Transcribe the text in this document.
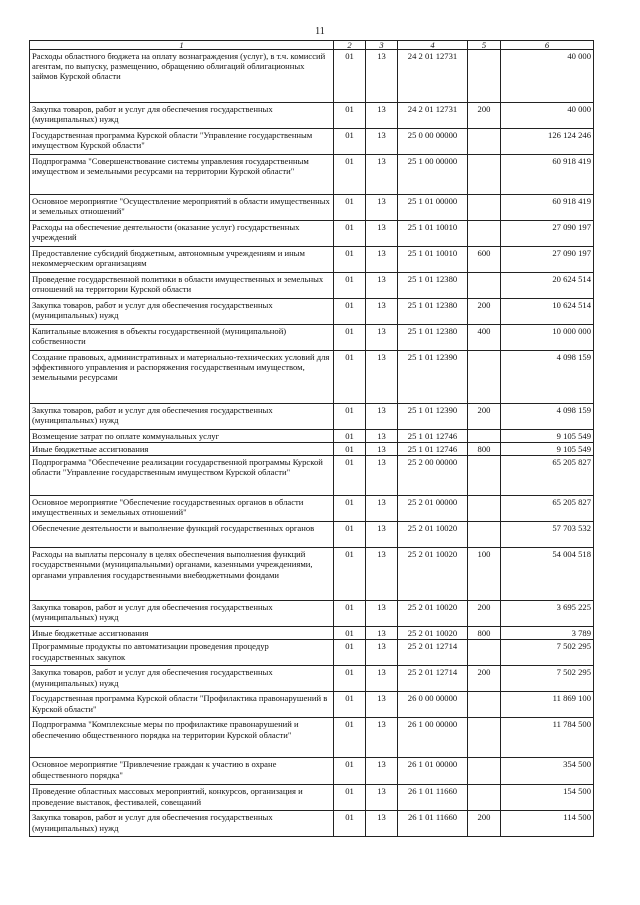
11
1	2	3	4	5	6
Расходы областного бюджета на оплату вознаграждения (услуг), в т.ч. комиссий агентам, по выпуску, размещению, обращению облигаций облигационных займов Курской области	01	13	24 2 01 12731		40 000
Закупка товаров, работ и услуг для обеспечения государственных (муниципальных) нужд	01	13	24 2 01 12731	200	40 000
Государственная программа Курской области "Управление государственным имуществом Курской области"	01	13	25 0 00 00000		126 124 246
Подпрограмма "Совершенствование системы управления государственным имуществом и земельными ресурсами на территории Курской области"	01	13	25 1 00 00000		60 918 419
Основное мероприятие "Осуществление мероприятий в области имущественных и земельных отношений"	01	13	25 1 01 00000		60 918 419
Расходы на обеспечение деятельности (оказание услуг) государственных учреждений	01	13	25 1 01 10010		27 090 197
Предоставление субсидий бюджетным, автономным учреждениям и иным некоммерческим организациям	01	13	25 1 01 10010	600	27 090 197
Проведение государственной политики в области имущественных и земельных отношений на территории Курской области	01	13	25 1 01 12380		20 624 514
Закупка товаров, работ и услуг для обеспечения государственных (муниципальных) нужд	01	13	25 1 01 12380	200	10 624 514
Капитальные вложения в объекты государственной (муниципальной) собственности	01	13	25 1 01 12380	400	10 000 000
Создание правовых, административных и материально-технических условий для эффективного управления и распоряжения государственным имуществом, земельными ресурсами	01	13	25 1 01 12390		4 098 159
Закупка товаров, работ и услуг для обеспечения государственных (муниципальных) нужд	01	13	25 1 01 12390	200	4 098 159
Возмещение затрат по оплате коммунальных услуг	01	13	25 1 01 12746		9 105 549
Иные бюджетные ассигнования	01	13	25 1 01 12746	800	9 105 549
Подпрограмма "Обеспечение реализации государственной программы Курской области "Управление государственным имуществом Курской области"	01	13	25 2 00 00000		65 205 827
Основное мероприятие "Обеспечение государственных органов в области имущественных и земельных отношений"	01	13	25 2 01 00000		65 205 827
Обеспечение деятельности и выполнение функций государственных органов	01	13	25 2 01 10020		57 703 532
Расходы на выплаты персоналу в целях обеспечения выполнения функций государственными (муниципальными) органами, казенными учреждениями, органами управления государственными внебюджетными фондами	01	13	25 2 01 10020	100	54 004 518
Закупка товаров, работ и услуг для обеспечения государственных (муниципальных) нужд	01	13	25 2 01 10020	200	3 695 225
Иные бюджетные ассигнования	01	13	25 2 01 10020	800	3 789
Программные продукты по автоматизации проведения процедур государственных закупок	01	13	25 2 01 12714		7 502 295
Закупка товаров, работ и услуг для обеспечения государственных (муниципальных) нужд	01	13	25 2 01 12714	200	7 502 295
Государственная программа Курской области "Профилактика правонарушений в Курской области"	01	13	26 0 00 00000		11 869 100
Подпрограмма "Комплексные меры по профилактике правонарушений и обеспечению общественного порядка на территории Курской области"	01	13	26 1 00 00000		11 784 500
Основное мероприятие "Привлечение граждан к участию в охране общественного порядка"	01	13	26 1 01 00000		354 500
Проведение областных массовых мероприятий, конкурсов, организация и проведение выставок, фестивалей, совещаний	01	13	26 1 01 11660		154 500
Закупка товаров, работ и услуг для обеспечения государственных (муниципальных) нужд	01	13	26 1 01 11660	200	114 500
